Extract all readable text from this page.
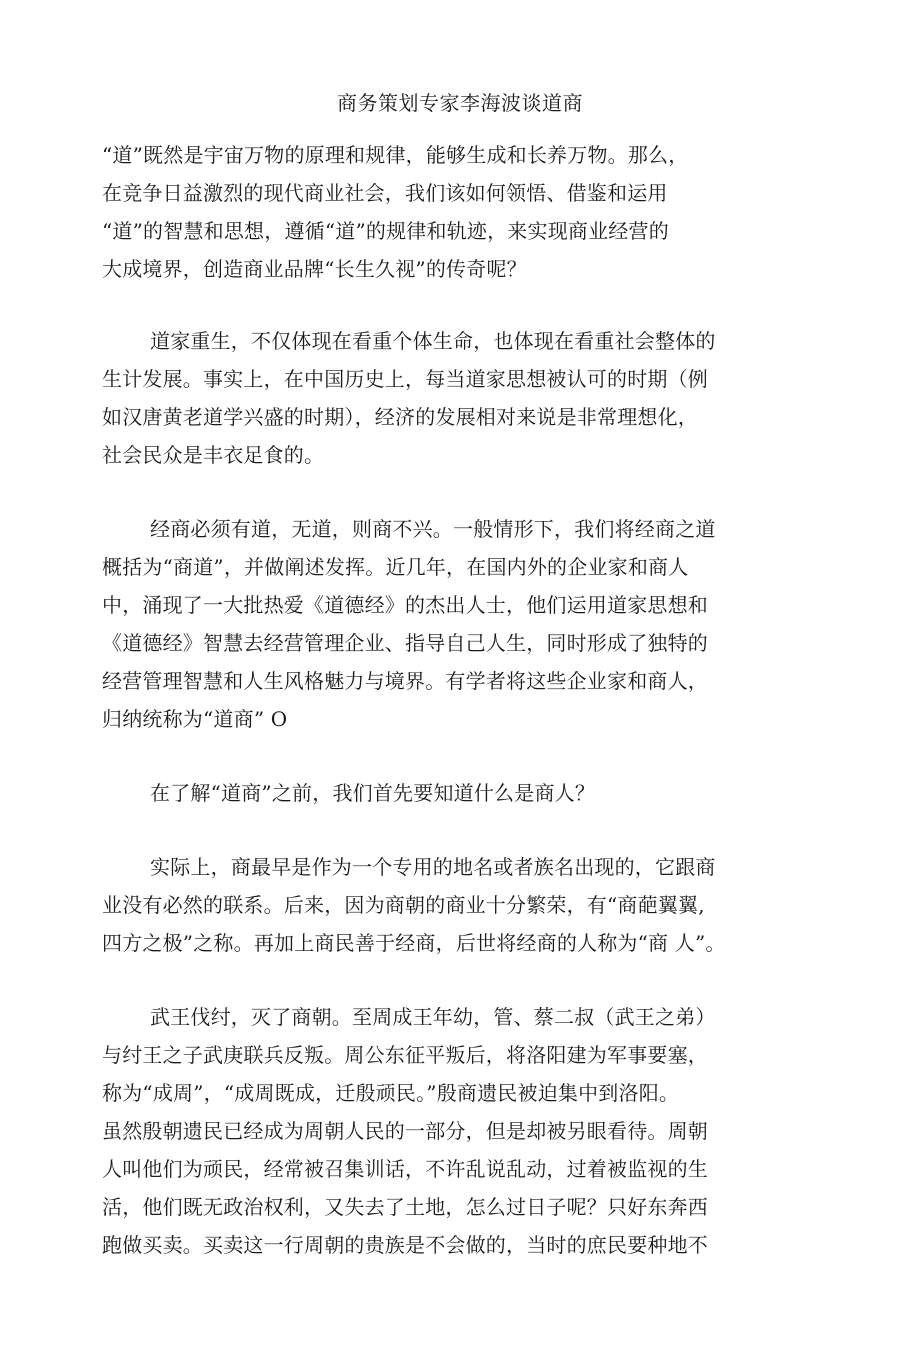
商务策划专家李海波谈道商
“道”既然是宇宙万物的原理和规律，能够生成和长养万物。那么，
在竞争日益激烈的现代商业社会，我们该如何领悟、借鉴和运用
“道”的智慧和思想，遵循“道”的规律和轨迹，来实现商业经营的
大成境界，创造商业品牌“长生久视”的传奇呢？
道家重生，不仅体现在看重个体生命，也体现在看重社会整体的
生计发展。事实上，在中国历史上，每当道家思想被认可的时期（例
如汉唐黄老道学兴盛的时期），经济的发展相对来说是非常理想化，
社会民众是丰衣足食的。
经商必须有道，无道，则商不兴。一般情形下，我们将经商之道
概括为“商道”，并做阐述发挥。近几年，在国内外的企业家和商人
中，涌现了一大批热爱《道德经》的杰出人士，他们运用道家思想和
《道德经》智慧去经营管理企业、指导自己人生，同时形成了独特的
经营管理智慧和人生风格魅力与境界。有学者将这些企业家和商人，
归纳统称为“道商” O
在了解“道商”之前，我们首先要知道什么是商人？
实际上，商最早是作为一个专用的地名或者族名出现的，它跟商
业没有必然的联系。后来，因为商朝的商业十分繁荣，有“商葩翼翼,
四方之极”之称。再加上商民善于经商，后世将经商的人称为“商 人”。
武王伐纣，灭了商朝。至周成王年幼，管、蔡二叔（武王之弟）
与纣王之子武庚联兵反叛。周公东征平叛后，将洛阳建为军事要塞，
称为“成周”，“成周既成，迁殷顽民。”殷商遗民被迫集中到洛阳。
虽然殷朝遗民已经成为周朝人民的一部分，但是却被另眼看待。周朝
人叫他们为顽民，经常被召集训话，不许乱说乱动，过着被监视的生
活，他们既无政治权利，又失去了土地，怎么过日子呢？只好东奔西
跑做买卖。买卖这一行周朝的贵族是不会做的，当时的庶民要种地不
